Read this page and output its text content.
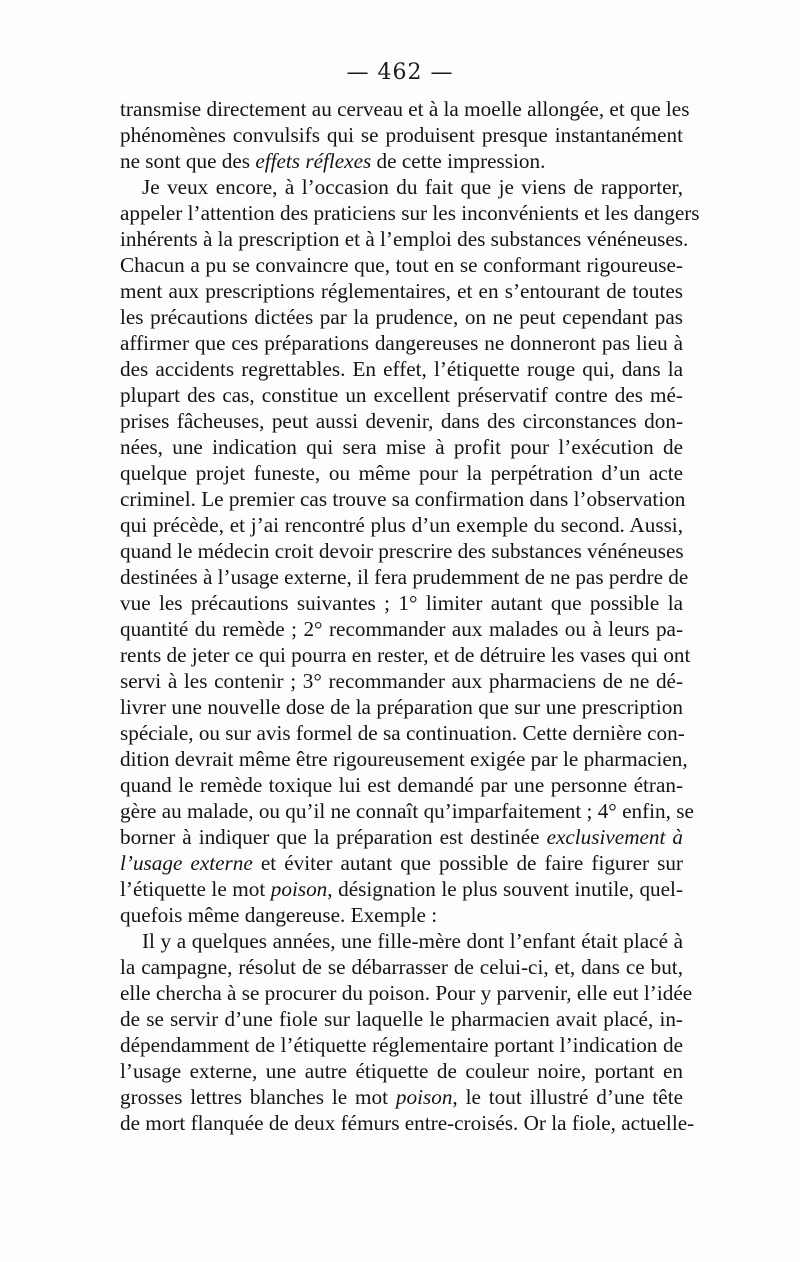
— 462 —
transmise directement au cerveau et à la moelle allongée, et que les
phénomènes convulsifs qui se produisent presque instantanément
ne sont que des effets réflexes de cette impression.
Je veux encore, à l’occasion du fait que je viens de rapporter,
appeler l’attention des praticiens sur les inconvénients et les dangers
inhérents à la prescription et à l’emploi des substances vénéneuses.
Chacun a pu se convaincre que, tout en se conformant rigoureuse-
ment aux prescriptions réglementaires, et en s’entourant de toutes
les précautions dictées par la prudence, on ne peut cependant pas
affirmer que ces préparations dangereuses ne donneront pas lieu à
des accidents regrettables. En effet, l’étiquette rouge qui, dans la
plupart des cas, constitue un excellent préservatif contre des mé-
prises fâcheuses, peut aussi devenir, dans des circonstances don-
nées, une indication qui sera mise à profit pour l’exécution de
quelque projet funeste, ou même pour la perpétration d’un acte
criminel. Le premier cas trouve sa confirmation dans l’observation
qui précède, et j’ai rencontré plus d’un exemple du second. Aussi,
quand le médecin croit devoir prescrire des substances vénéneuses
destinées à l’usage externe, il fera prudemment de ne pas perdre de
vue les précautions suivantes ; 1° limiter autant que possible la
quantité du remède ; 2° recommander aux malades ou à leurs pa-
rents de jeter ce qui pourra en rester, et de détruire les vases qui ont
servi à les contenir ; 3° recommander aux pharmaciens de ne dé-
livrer une nouvelle dose de la préparation que sur une prescription
spéciale, ou sur avis formel de sa continuation. Cette dernière con-
dition devrait même être rigoureusement exigée par le pharmacien,
quand le remède toxique lui est demandé par une personne étran-
gère au malade, ou qu’il ne connaît qu’imparfaitement ; 4° enfin, se
borner à indiquer que la préparation est destinée exclusivement à
l’usage externe et éviter autant que possible de faire figurer sur
l’étiquette le mot poison, désignation le plus souvent inutile, quel-
quefois même dangereuse. Exemple :
Il y a quelques années, une fille-mère dont l’enfant était placé à
la campagne, résolut de se débarrasser de celui-ci, et, dans ce but,
elle chercha à se procurer du poison. Pour y parvenir, elle eut l’idée
de se servir d’une fiole sur laquelle le pharmacien avait placé, in-
dépendamment de l’étiquette réglementaire portant l’indication de
l’usage externe, une autre étiquette de couleur noire, portant en
grosses lettres blanches le mot poison, le tout illustré d’une tête
de mort flanquée de deux fémurs entre-croisés. Or la fiole, actuelle-
